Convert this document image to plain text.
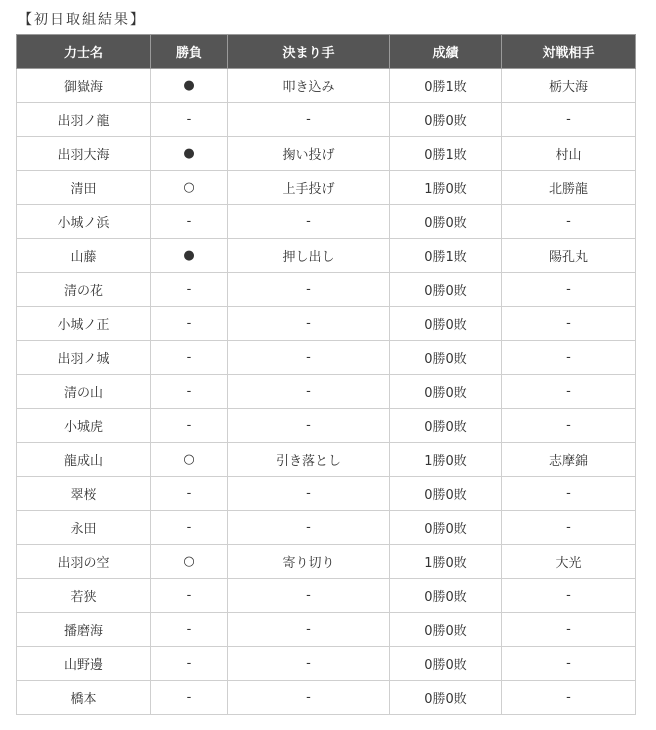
【初日取組結果】
力士名	勝負	決まり手	成績	対戦相手
御嶽海	●	叩き込み	0勝1敗	栃大海
出羽ノ龍	-	-	0勝0敗	-
出羽大海	●	掬い投げ	0勝1敗	村山
清田	○	上手投げ	1勝0敗	北勝龍
小城ノ浜	-	-	0勝0敗	-
山藤	●	押し出し	0勝1敗	陽孔丸
清の花	-	-	0勝0敗	-
小城ノ正	-	-	0勝0敗	-
出羽ノ城	-	-	0勝0敗	-
清の山	-	-	0勝0敗	-
小城虎	-	-	0勝0敗	-
龍成山	○	引き落とし	1勝0敗	志摩錦
翠桜	-	-	0勝0敗	-
永田	-	-	0勝0敗	-
出羽の空	○	寄り切り	1勝0敗	大光
若狭	-	-	0勝0敗	-
播磨海	-	-	0勝0敗	-
山野邊	-	-	0勝0敗	-
橋本	-	-	0勝0敗	-
